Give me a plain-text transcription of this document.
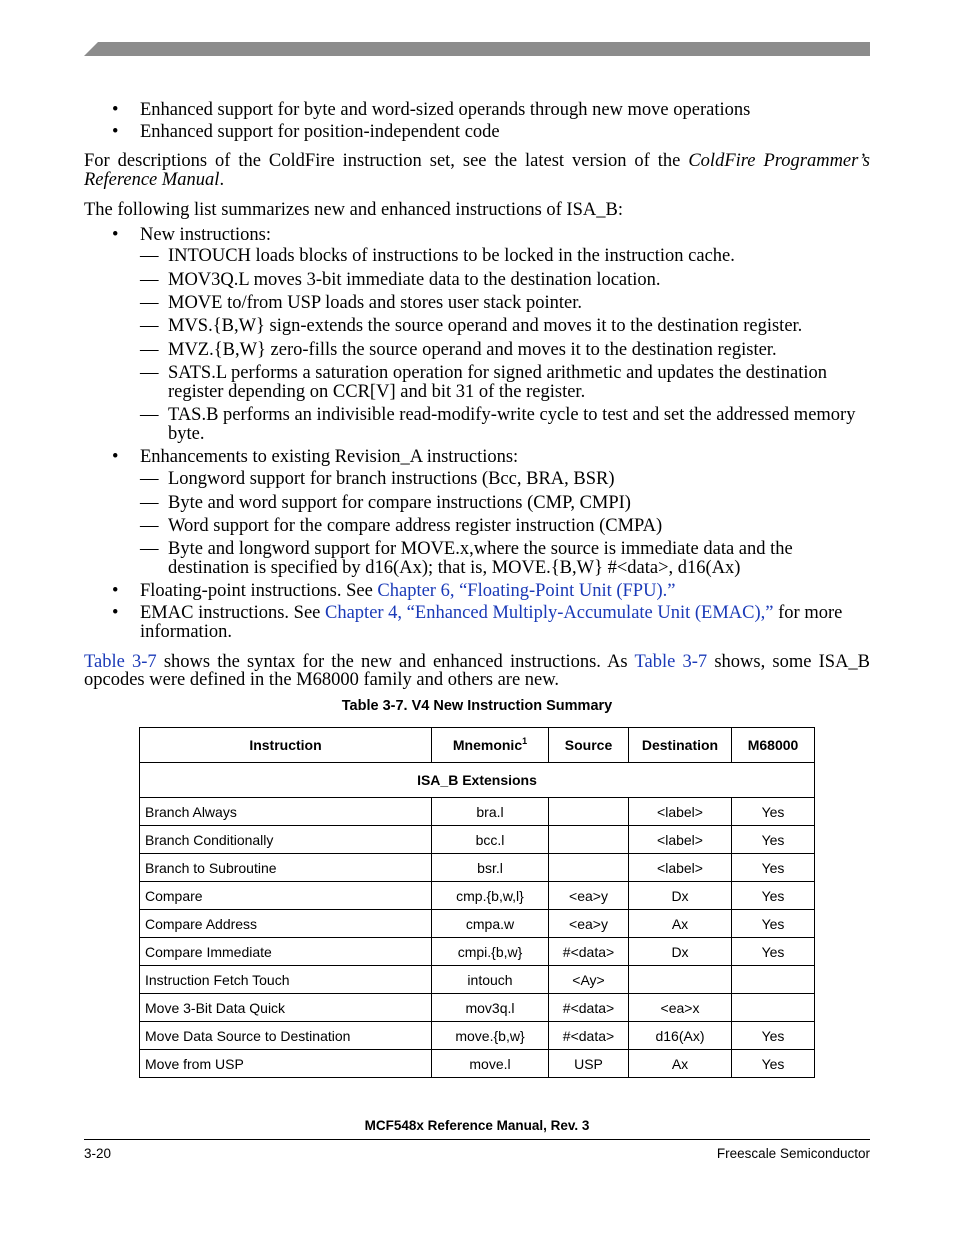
• Enhanced support for byte and word-sized operands through new move operations
• Enhanced support for position-independent code
For descriptions of the ColdFire instruction set, see the latest version of the ColdFire Programmer’s
Reference Manual.
The following list summarizes new and enhanced instructions of ISA_B:
• New instructions:
— INTOUCH loads blocks of instructions to be locked in the instruction cache.
— MOV3Q.L moves 3-bit immediate data to the destination location.
— MOVE to/from USP loads and stores user stack pointer.
— MVS.{B,W} sign-extends the source operand and moves it to the destination register.
— MVZ.{B,W} zero-fills the source operand and moves it to the destination register.
— SATS.L performs a saturation operation for signed arithmetic and updates the destination
register depending on CCR[V] and bit 31 of the register.
— TAS.B performs an indivisible read-modify-write cycle to test and set the addressed memory
byte.
• Enhancements to existing Revision_A instructions:
— Longword support for branch instructions (Bcc, BRA, BSR)
— Byte and word support for compare instructions (CMP, CMPI)
— Word support for the compare address register instruction (CMPA)
— Byte and longword support for MOVE.x,where the source is immediate data and the
destination is specified by d16(Ax); that is, MOVE.{B,W} #<data>, d16(Ax)
• Floating-point instructions. See Chapter 6, “Floating-Point Unit (FPU).”
• EMAC instructions. See Chapter 4, “Enhanced Multiply-Accumulate Unit (EMAC),” for more
information.
Table 3-7 shows the syntax for the new and enhanced instructions. As Table 3-7 shows, some ISA_B
opcodes were defined in the M68000 family and others are new.
Table 3-7. V4 New Instruction Summary
Instruction	Mnemonic$^1$	Source	Destination	M68000
ISA_B Extensions				
Branch Always	bra.l		<label>	Yes
Branch Conditionally	bcc.l		<label>	Yes
Branch to Subroutine	bsr.l		<label>	Yes
Compare	cmp.{b,w,l}	<ea>y	Dx	Yes
Compare Address	cmpa.w	<ea>y	Ax	Yes
Compare Immediate	cmpi.{b,w}	#<data>	Dx	Yes
Instruction Fetch Touch	intouch	<Ay>		
Move 3-Bit Data Quick	mov3q.l	#<data>	<ea>x	
Move Data Source to Destination	move.{b,w}	#<data>	d16(Ax)	Yes
Move from USP	move.l	USP	Ax	Yes
MCF548x Reference Manual, Rev. 3
3-20	Freescale Semiconductor
